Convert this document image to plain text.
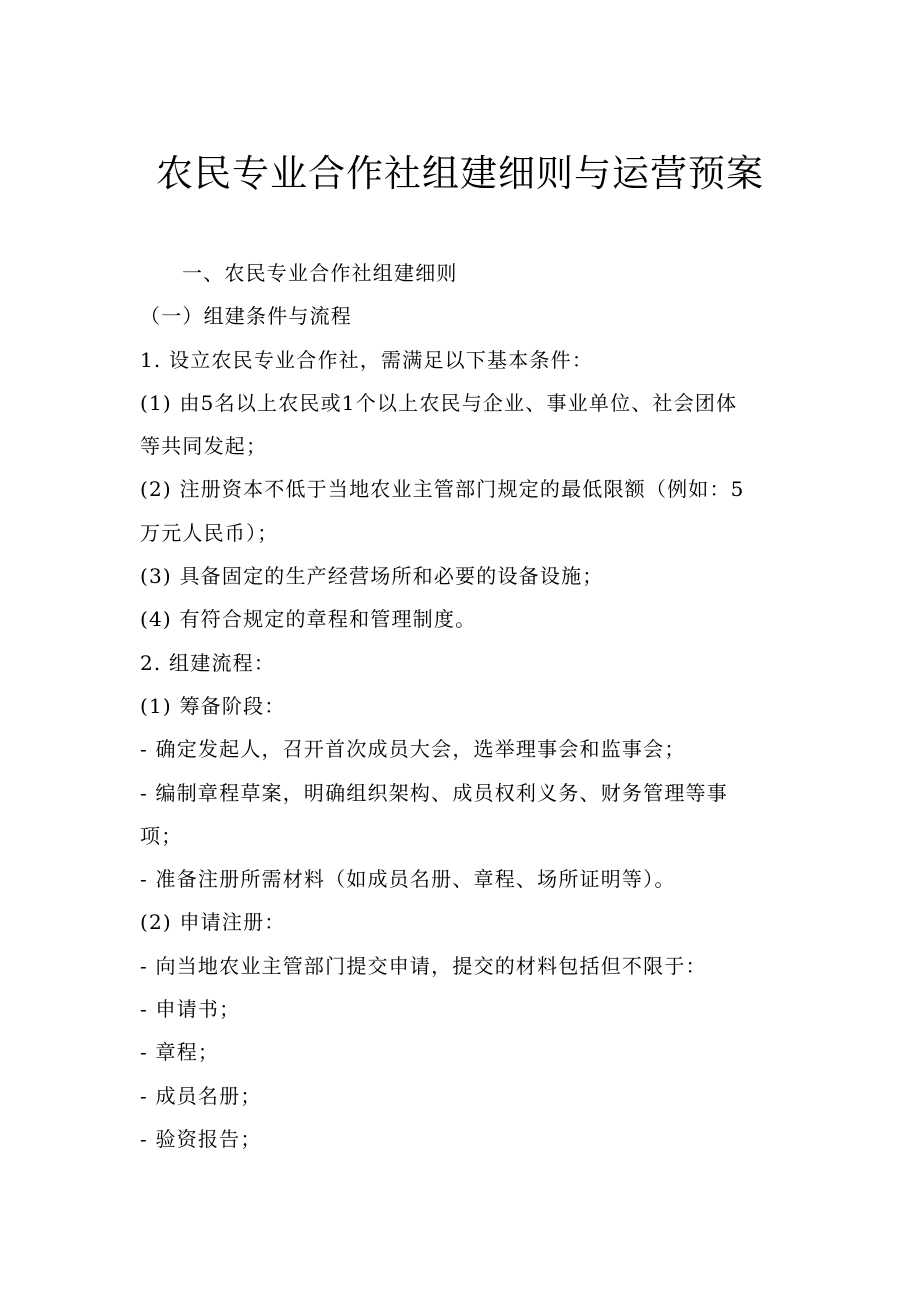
农民专业合作社组建细则与运营预案
一、农民专业合作社组建细则
（一）组建条件与流程
1. 设立农民专业合作社，需满足以下基本条件：
(1) 由5名以上农民或1个以上农民与企业、事业单位、社会团体
等共同发起；
(2) 注册资本不低于当地农业主管部门规定的最低限额（例如：5
万元人民币）；
(3) 具备固定的生产经营场所和必要的设备设施；
(4) 有符合规定的章程和管理制度。
2. 组建流程：
(1) 筹备阶段：
- 确定发起人，召开首次成员大会，选举理事会和监事会；
- 编制章程草案，明确组织架构、成员权利义务、财务管理等事
项；
- 准备注册所需材料（如成员名册、章程、场所证明等）。
(2) 申请注册：
- 向当地农业主管部门提交申请，提交的材料包括但不限于：
- 申请书；
- 章程；
- 成员名册；
- 验资报告；
